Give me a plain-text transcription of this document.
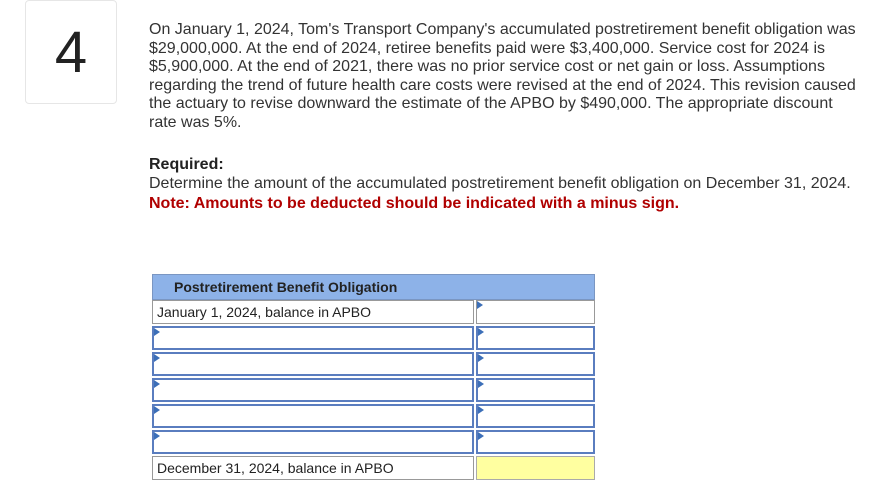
4	On January 1, 2024, Tom's Transport Company's accumulated postretirement benefit obligation was $29,000,000. At the end of 2024, retiree benefits paid were $3,400,000. Service cost for 2024 is $5,900,000. At the end of 2021, there was no prior service cost or net gain or loss. Assumptions regarding the trend of future health care costs were revised at the end of 2024. This revision caused the actuary to revise downward the estimate of the APBO by $490,000. The appropriate discount rate was 5%.

Required:
Determine the amount of the accumulated postretirement benefit obligation on December 31, 2024.
Note: Amounts to be deducted should be indicated with a minus sign.
Postretirement Benefit Obligation
January 1, 2024, balance in APBO
December 31, 2024, balance in APBO
